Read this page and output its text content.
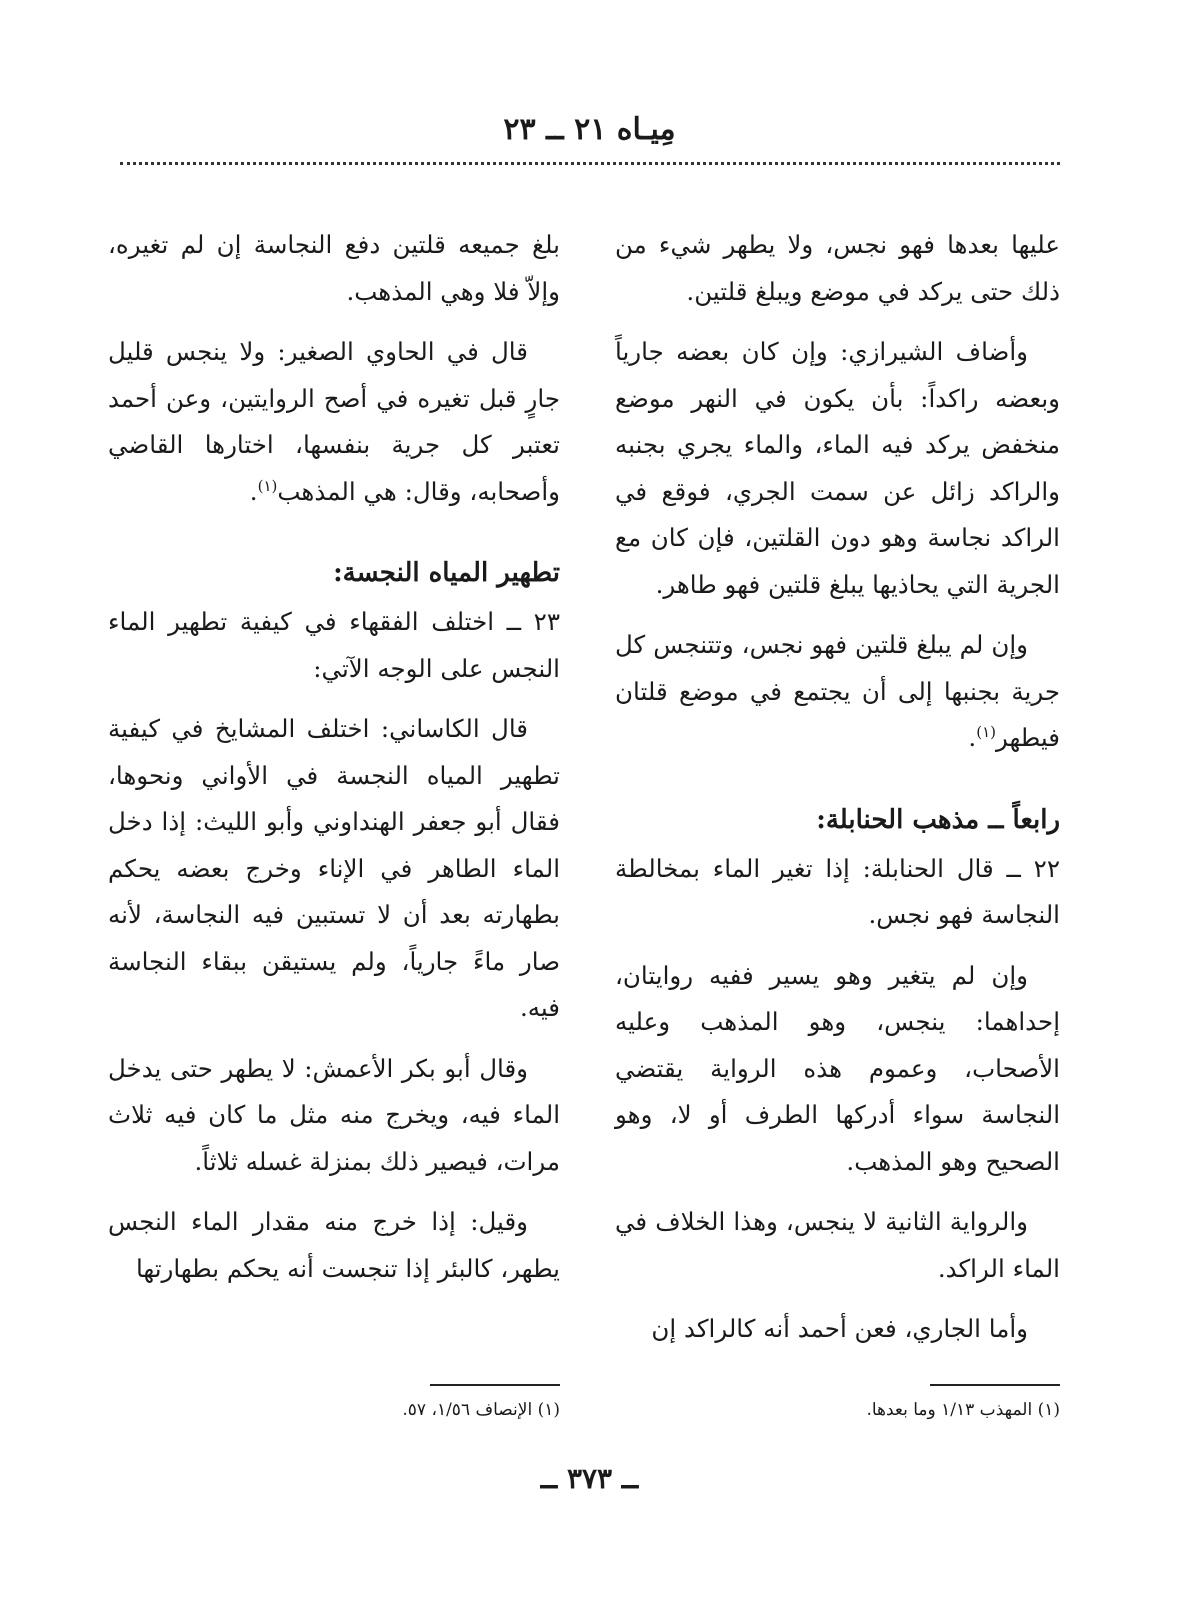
مِيـاه ٢١ ــ ٢٣

عليها بعدها فهو نجس، ولا يطهر شيء من ذلك حتى يركد في موضع ويبلغ قلتين.

وأضاف الشيرازي: وإن كان بعضه جارياً وبعضه راكداً: بأن يكون في النهر موضع منخفض يركد فيه الماء، والماء يجري بجنبه والراكد زائل عن سمت الجري، فوقع في الراكد نجاسة وهو دون القلتين، فإن كان مع الجرية التي يحاذيها يبلغ قلتين فهو طاهر.

وإن لم يبلغ قلتين فهو نجس، وتتنجس كل جرية بجنبها إلى أن يجتمع في موضع قلتان فيطهر$^{(١)}$.

رابعاً ــ مذهب الحنابلة:

٢٢ ــ قال الحنابلة: إذا تغير الماء بمخالطة النجاسة فهو نجس.

وإن لم يتغير وهو يسير ففيه روايتان، إحداهما: ينجس، وهو المذهب وعليه الأصحاب، وعموم هذه الرواية يقتضي النجاسة سواء أدركها الطرف أو لا، وهو الصحيح وهو المذهب.

والرواية الثانية لا ينجس، وهذا الخلاف في الماء الراكد.

وأما الجاري، فعن أحمد أنه كالراكد إن

بلغ جميعه قلتين دفع النجاسة إن لم تغيره، وإلاّ فلا وهي المذهب.

قال في الحاوي الصغير: ولا ينجس قليل جارٍ قبل تغيره في أصح الروايتين، وعن أحمد تعتبر كل جرية بنفسها، اختارها القاضي وأصحابه، وقال: هي المذهب$^{(١)}$.

تطهير المياه النجسة:

٢٣ ــ اختلف الفقهاء في كيفية تطهير الماء النجس على الوجه الآتي:

قال الكاساني: اختلف المشايخ في كيفية تطهير المياه النجسة في الأواني ونحوها، فقال أبو جعفر الهنداوني وأبو الليث: إذا دخل الماء الطاهر في الإناء وخرج بعضه يحكم بطهارته بعد أن لا تستبين فيه النجاسة، لأنه صار ماءً جارياً، ولم يستيقن ببقاء النجاسة فيه.

وقال أبو بكر الأعمش: لا يطهر حتى يدخل الماء فيه، ويخرج منه مثل ما كان فيه ثلاث مرات، فيصير ذلك بمنزلة غسله ثلاثاً.

وقيل: إذا خرج منه مقدار الماء النجس يطهر، كالبئر إذا تنجست أنه يحكم بطهارتها

(١) المهذب ١/١٣ وما بعدها.
(١) الإنصاف ١/٥٦، ٥٧.
ــ ٣٧٣ ــ
